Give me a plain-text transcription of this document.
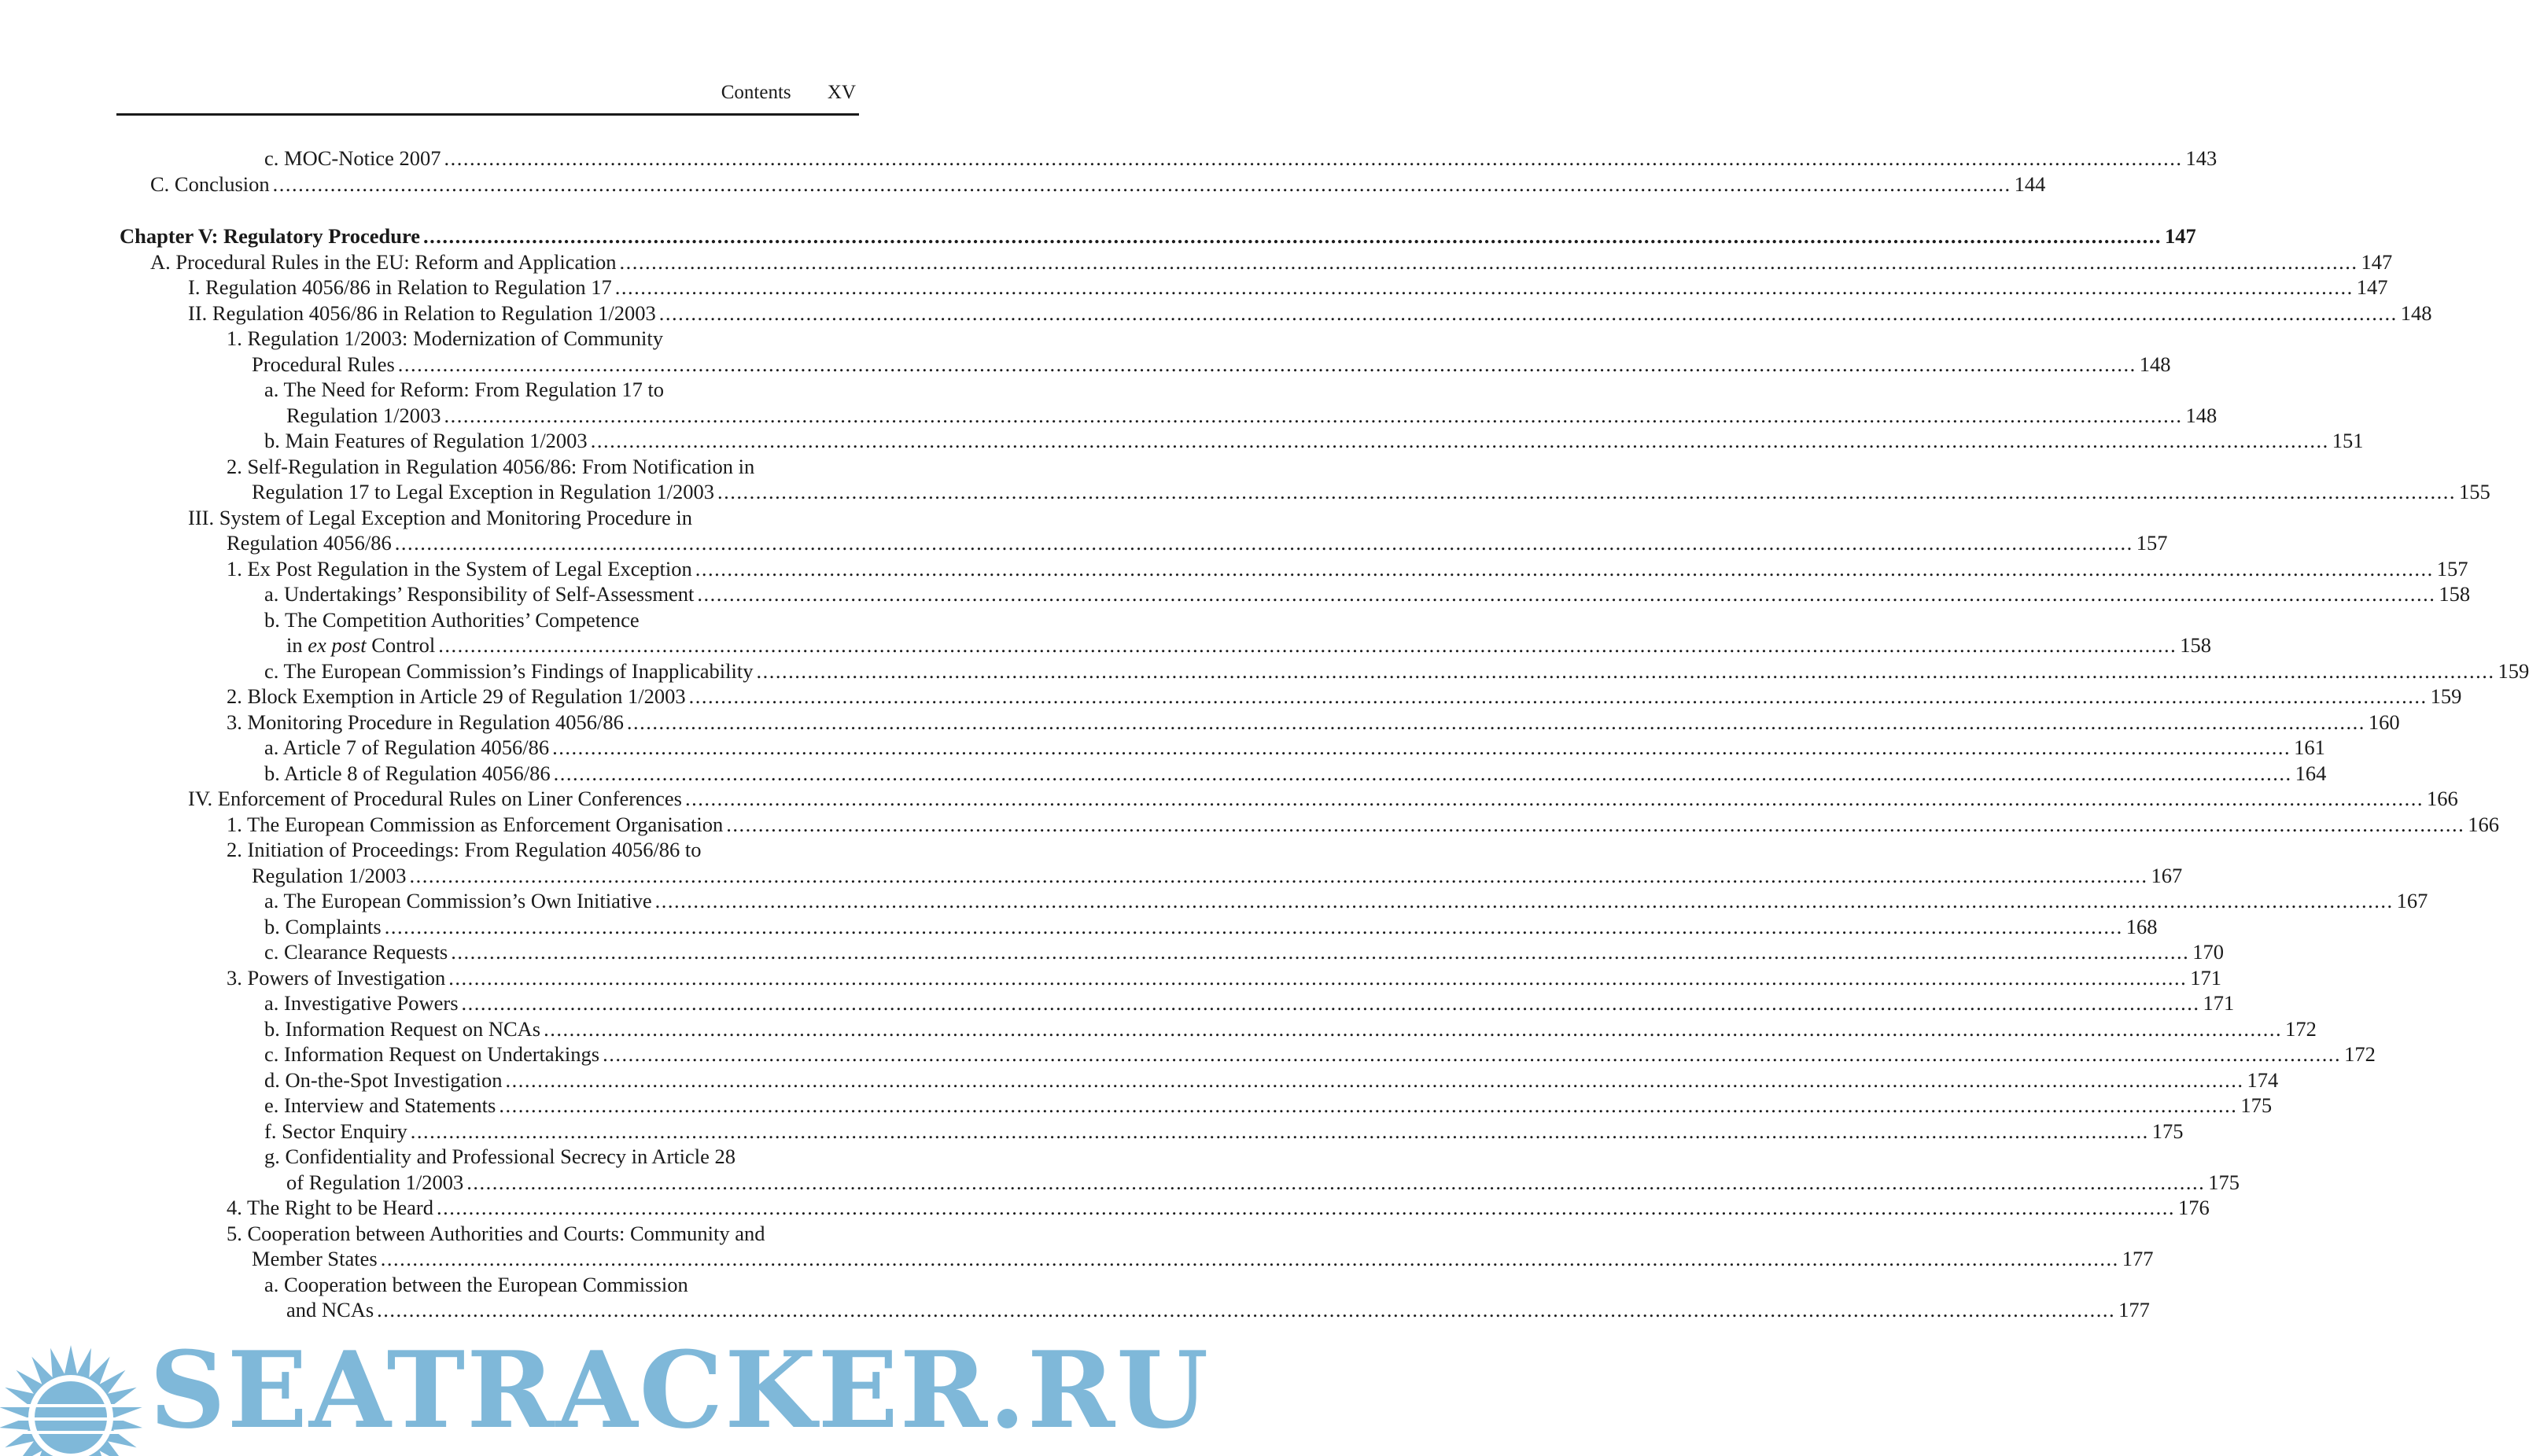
Contents XV
c. MOC-Notice 2007 .....	143
C. Conclusion .....	144
Chapter V: Regulatory Procedure .....	147
A. Procedural Rules in the EU: Reform and Application .....	147
I. Regulation 4056/86 in Relation to Regulation 17 .....	147
II. Regulation 4056/86 in Relation to Regulation 1/2003 .....	148
1. Regulation 1/2003: Modernization of Community
Procedural Rules .....	148
a. The Need for Reform: From Regulation 17 to
Regulation 1/2003 .....	148
b. Main Features of Regulation 1/2003 .....	151
2. Self-Regulation in Regulation 4056/86: From Notification in
Regulation 17 to Legal Exception in Regulation 1/2003 .....	155
III. System of Legal Exception and Monitoring Procedure in
Regulation 4056/86 .....	157
1. Ex Post Regulation in the System of Legal Exception .....	157
a. Undertakings’ Responsibility of Self-Assessment .....	158
b. The Competition Authorities’ Competence
in ex post Control .....	158
c. The European Commission’s Findings of Inapplicability .....	159
2. Block Exemption in Article 29 of Regulation 1/2003 .....	159
3. Monitoring Procedure in Regulation 4056/86 .....	160
a. Article 7 of Regulation 4056/86 .....	161
b. Article 8 of Regulation 4056/86 .....	164
IV. Enforcement of Procedural Rules on Liner Conferences .....	166
1. The European Commission as Enforcement Organisation .....	166
2. Initiation of Proceedings: From Regulation 4056/86 to
Regulation 1/2003 .....	167
a. The European Commission’s Own Initiative .....	167
b. Complaints .....	168
c. Clearance Requests .....	170
3. Powers of Investigation .....	171
a. Investigative Powers .....	171
b. Information Request on NCAs .....	172
c. Information Request on Undertakings .....	172
d. On-the-Spot Investigation .....	174
e. Interview and Statements .....	175
f. Sector Enquiry .....	175
g. Confidentiality and Professional Secrecy in Article 28
of Regulation 1/2003 .....	175
4. The Right to be Heard .....	176
5. Cooperation between Authorities and Courts: Community and
Member States .....	177
a. Cooperation between the European Commission
and NCAs .....	177
SEATRACKER.RU
